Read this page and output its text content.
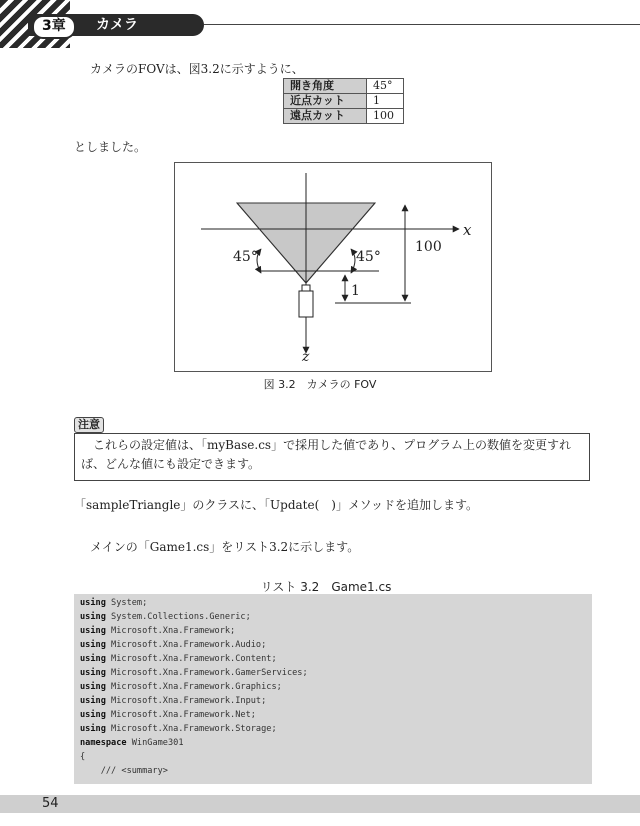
3章	カメラ
カメラのFOVは、図3.2に示すように、
開き角度	45°
近点カット	1
遠点カット	100
としました。
x
z
45°	45°
100
1
図 3.2　カメラの FOV
注意
これらの設定値は、「myBase.cs」で採用した値であり、プログラム上の数値を変更すれ
ば、どんな値にも設定できます。
「sampleTriangle」のクラスに、「Update(　)」メソッドを追加します。
メインの「Game1.cs」をリスト3.2に示します。
リスト 3.2　Game1.cs
using System;
using System.Collections.Generic;
using Microsoft.Xna.Framework;
using Microsoft.Xna.Framework.Audio;
using Microsoft.Xna.Framework.Content;
using Microsoft.Xna.Framework.GamerServices;
using Microsoft.Xna.Framework.Graphics;
using Microsoft.Xna.Framework.Input;
using Microsoft.Xna.Framework.Net;
using Microsoft.Xna.Framework.Storage;
namespace WinGame301
{
/// <summary>
54
